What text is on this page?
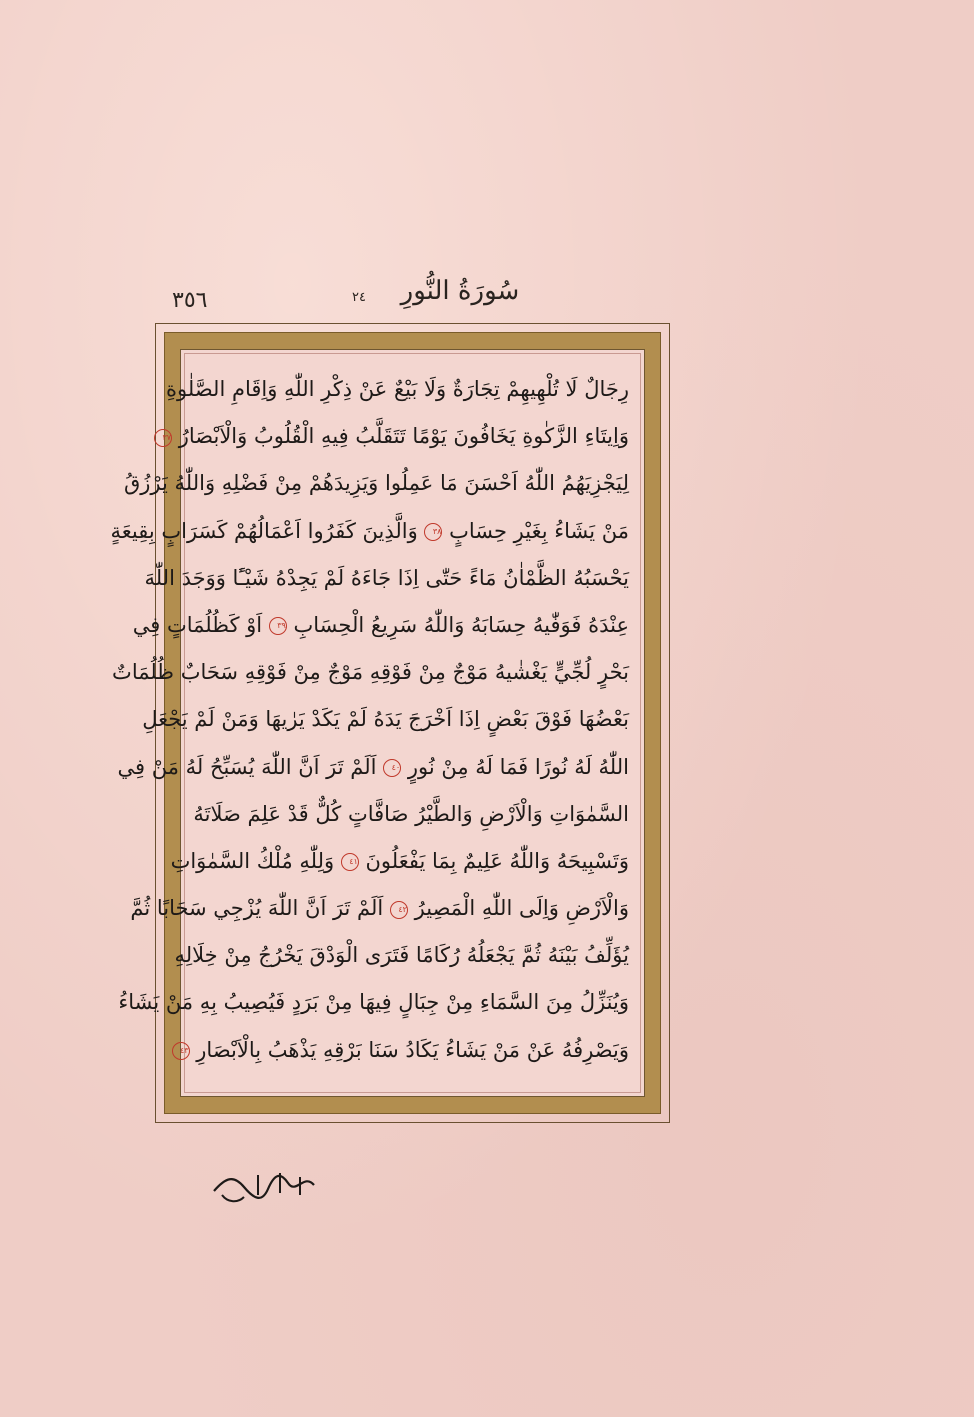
٣٥٦	٢٤	سُورَةُ النُّورِ
رِجَالٌ لَا تُلْهِيهِمْ تِجَارَةٌ وَلَا بَيْعٌ عَنْ ذِكْرِ اللّٰهِ وَاِقَامِ الصَّلٰوةِ
وَاِيتَاءِ الزَّكٰوةِ يَخَافُونَ يَوْمًا تَتَقَلَّبُ فِيهِ الْقُلُوبُ وَالْاَبْصَارُ ٣٧
لِيَجْزِيَهُمُ اللّٰهُ اَحْسَنَ مَا عَمِلُوا وَيَزِيدَهُمْ مِنْ فَضْلِهِ وَاللّٰهُ يَرْزُقُ
مَنْ يَشَاءُ بِغَيْرِ حِسَابٍ ٣٨ وَالَّذِينَ كَفَرُوا اَعْمَالُهُمْ كَسَرَابٍ بِقِيعَةٍ
يَحْسَبُهُ الظَّمْاٰنُ مَاءً حَتّٰى اِذَا جَاءَهُ لَمْ يَجِدْهُ شَيْـًٔا وَوَجَدَ اللّٰهَ
عِنْدَهُ فَوَفّٰيهُ حِسَابَهُ وَاللّٰهُ سَرِيعُ الْحِسَابِ ٣٩ اَوْ كَظُلُمَاتٍ فِي
بَحْرٍ لُجِّيٍّ يَغْشٰيهُ مَوْجٌ مِنْ فَوْقِهِ مَوْجٌ مِنْ فَوْقِهِ سَحَابٌ ظُلُمَاتٌ
بَعْضُهَا فَوْقَ بَعْضٍ اِذَا اَخْرَجَ يَدَهُ لَمْ يَكَدْ يَرٰيهَا وَمَنْ لَمْ يَجْعَلِ
اللّٰهُ لَهُ نُورًا فَمَا لَهُ مِنْ نُورٍ ٤٠ اَلَمْ تَرَ اَنَّ اللّٰهَ يُسَبِّحُ لَهُ مَنْ فِي
السَّمٰوَاتِ وَالْاَرْضِ وَالطَّيْرُ صَافَّاتٍ كُلٌّ قَدْ عَلِمَ صَلَاتَهُ
وَتَسْبِيحَهُ وَاللّٰهُ عَلِيمٌ بِمَا يَفْعَلُونَ ٤١ وَلِلّٰهِ مُلْكُ السَّمٰوَاتِ
وَالْاَرْضِ وَاِلَى اللّٰهِ الْمَصِيرُ ٤٢ اَلَمْ تَرَ اَنَّ اللّٰهَ يُزْجِي سَحَابًا ثُمَّ
يُؤَلِّفُ بَيْنَهُ ثُمَّ يَجْعَلُهُ رُكَامًا فَتَرَى الْوَدْقَ يَخْرُجُ مِنْ خِلَالِهِ
وَيُنَزِّلُ مِنَ السَّمَاءِ مِنْ جِبَالٍ فِيهَا مِنْ بَرَدٍ فَيُصِيبُ بِهِ مَنْ يَشَاءُ
وَيَصْرِفُهُ عَنْ مَنْ يَشَاءُ يَكَادُ سَنَا بَرْقِهِ يَذْهَبُ بِالْاَبْصَارِ ٤٣
